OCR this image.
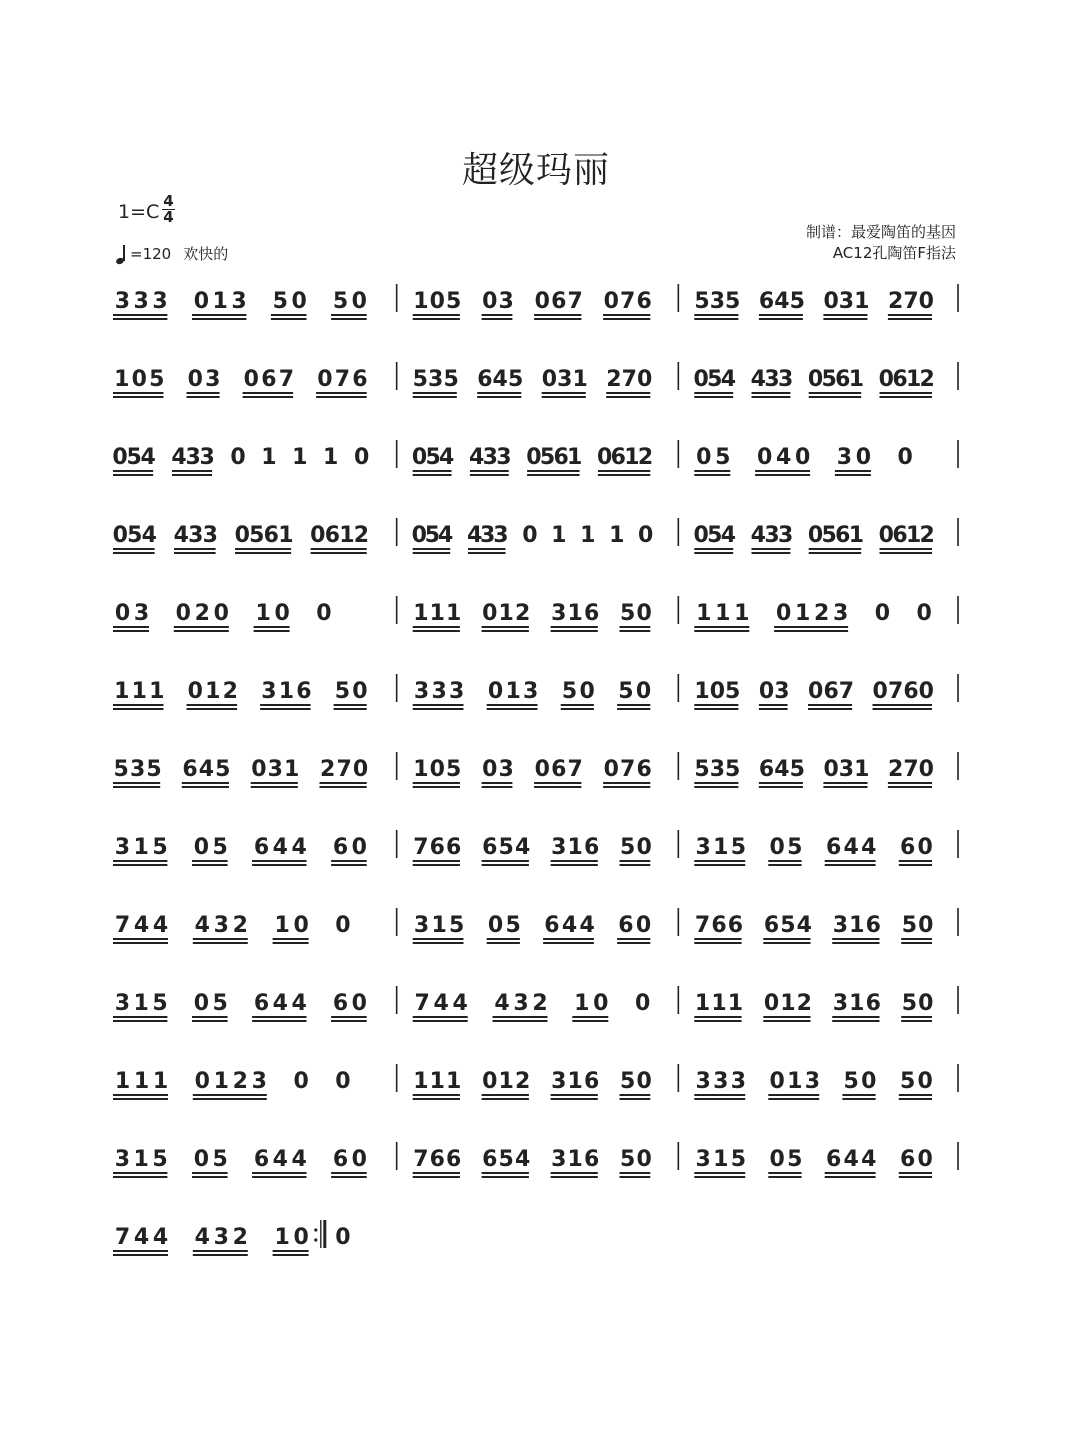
超级玛丽
$1=C \frac{4}{4}$
=120 欢快的
制谱：最爱陶笛的基因
AC12孔陶笛F指法
3 3 3 0 1 3 5 0 5 0 1 0 5 0 3 0 6 7 0 7 6 5 3 5 6 4 5 0 3 1 2 7 0
1 0 5 0 3 0 6 7 0 7 6 5 3 5 6 4 5 0 3 1 2 7 0 0
5
4 4
3
3 0
5
6
1 0
6
1
2
0
5
4 4
3
3 0 1 1 1 0 0
5
4 4
3
3 0
5
6
1 0
6
1
2 0 5 0 4 0 3 0 0
0 5 4 4 3 3 0 5 6 1 0 6 1 2 0
5
4 4
3
3 0 1 1 1 0 0
5
4 4
3
3 0
5
6
1 0
6
1
2
0 3 0 2 0 1 0 0	1 1 1 0 1 2 3 1 6 5 0 1 1 1 0 1 2 3 0 0
1 1 1 0 1 2 3 1 6 5 0 3 3 3 0 1 3 5 0 5 0 1 0 5 0 3 0 6 7 0 7 6 0
5 3 5 6 4 5 0 3 1 2 7 0 1 0 5 0 3 0 6 7 0 7 6 5 3 5 6 4 5 0 3 1 2 7 0
3 1 5 0 5 6 4 4 6 0 7 6 6 6 5 4 3 1 6 5 0 3 1 5 0 5 6 4 4 6 0
7 4 4 4 3 2 1 0 0	3 1 5 0 5 6 4 4 6 0 7 6 6 6 5 4 3 1 6 5 0
3 1 5 0 5 6 4 4 6 0 7 4 4 4 3 2 1 0 0 1 1 1 0 1 2 3 1 6 5 0
1 1 1 0 1 2 3 0 0	1 1 1 0 1 2 3 1 6 5 0 3 3 3 0 1 3 5 0 5 0
3 1 5 0 5 6 4 4 6 0 7 6 6 6 5 4 3 1 6 5 0 3 1 5 0 5 6 4 4 6 0
7 4 4 4 3 2 1 0 0
